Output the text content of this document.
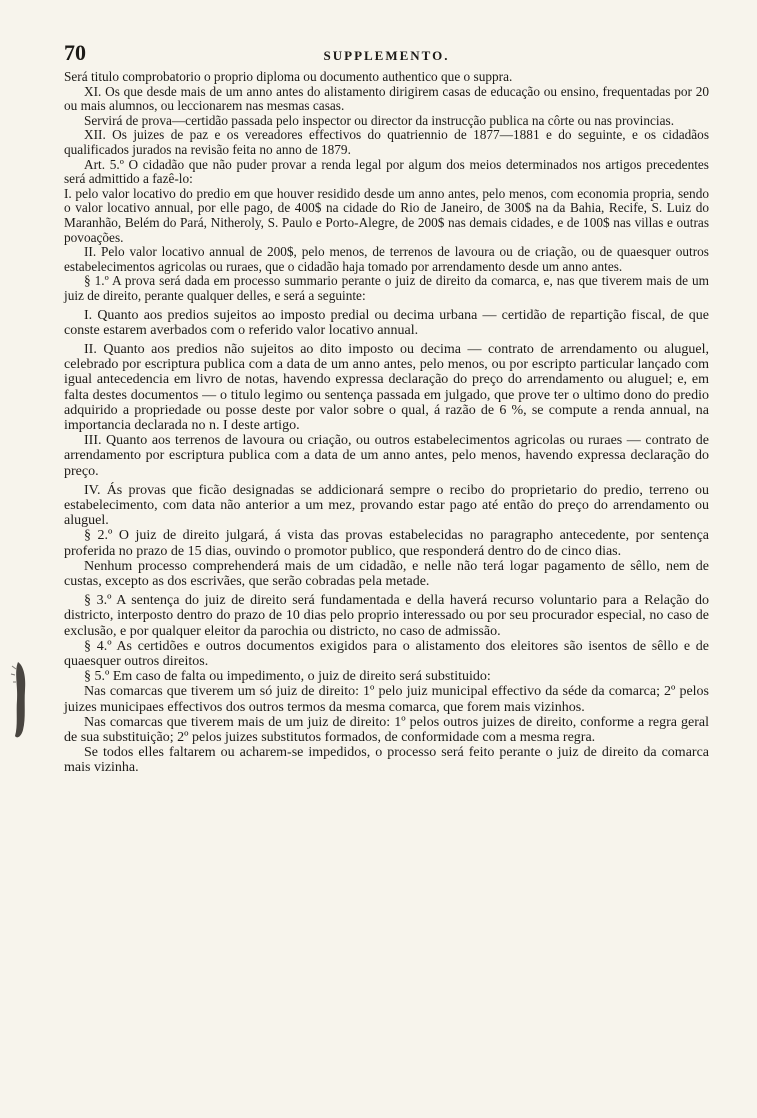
70	SUPPLEMENTO.

Será titulo comprobatorio o proprio diploma ou documento authentico que o suppra.

XI. Os que desde mais de um anno antes do alistamento dirigirem casas de educação ou ensino, frequentadas por 20 ou mais alumnos, ou leccionarem nas mesmas casas.

Servirá de prova—certidão passada pelo inspector ou director da instrucção publica na côrte ou nas provincias.

XII. Os juizes de paz e os vereadores effectivos do quatriennio de 1877—1881 e do seguinte, e os cidadãos qualificados jurados na revisão feita no anno de 1879.

Art. 5.º O cidadão que não puder provar a renda legal por algum dos meios determinados nos artigos precedentes será admittido a fazê-lo:

I. pelo valor locativo do predio em que houver residido desde um anno antes, pelo menos, com economia propria, sendo o valor locativo annual, por elle pago, de 400$ na cidade do Rio de Janeiro, de 300$ na da Bahia, Recife, S. Luiz do Maranhão, Belém do Pará, Nitheroly, S. Paulo e Porto-Alegre, de 200$ nas demais cidades, e de 100$ nas villas e outras povoações.

II. Pelo valor locativo annual de 200$, pelo menos, de terrenos de lavoura ou de criação, ou de quaesquer outros estabelecimentos agricolas ou ruraes, que o cidadão haja tomado por arrendamento desde um anno antes.

§ 1.º A prova será dada em processo summario perante o juiz de direito da comarca, e, nas que tiverem mais de um juiz de direito, perante qualquer delles, e será a seguinte:

I. Quanto aos predios sujeitos ao imposto predial ou decima urbana — certidão de repartição fiscal, de que conste estarem averbados com o referido valor locativo annual.

II. Quanto aos predios não sujeitos ao dito imposto ou decima — contrato de arrendamento ou aluguel, celebrado por escriptura publica com a data de um anno antes, pelo menos, ou por escripto particular lançado com igual antecedencia em livro de notas, havendo expressa declaração do preço do arrendamento ou aluguel; e, em falta destes documentos — o titulo legimo ou sentença passada em julgado, que prove ter o ultimo dono do predio adquirido a propriedade ou posse deste por valor sobre o qual, á razão de 6 %, se compute a renda annual, na importancia declarada no n. I deste artigo.

III. Quanto aos terrenos de lavoura ou criação, ou outros estabelecimentos agricolas ou ruraes — contrato de arrendamento por escriptura publica com a data de um anno antes, pelo menos, havendo expressa declaração do preço.

IV. Ás provas que ficão designadas se addicionará sempre o recibo do proprietario do predio, terreno ou estabelecimento, com data não anterior a um mez, provando estar pago até então do preço do arrendamento ou aluguel.

§ 2.º O juiz de direito julgará, á vista das provas estabelecidas no paragrapho antecedente, por sentença proferida no prazo de 15 dias, ouvindo o promotor publico, que responderá dentro do de cinco dias.

Nenhum processo comprehenderá mais de um cidadão, e nelle não terá logar pagamento de sêllo, nem de custas, excepto as dos escrivães, que serão cobradas pela metade.

§ 3.º A sentença do juiz de direito será fundamentada e della haverá recurso voluntario para a Relação do districto, interposto dentro do prazo de 10 dias pelo proprio interessado ou por seu procurador especial, no caso de exclusão, e por qualquer eleitor da parochia ou districto, no caso de admissão.

§ 4.º As certidões e outros documentos exigidos para o alistamento dos eleitores são isentos de sêllo e de quaesquer outros direitos.

§ 5.º Em caso de falta ou impedimento, o juiz de direito será substituido:

Nas comarcas que tiverem um só juiz de direito: 1º pelo juiz municipal effectivo da séde da comarca; 2º pelos juizes municipaes effectivos dos outros termos da mesma comarca, que forem mais vizinhos.

Nas comarcas que tiverem mais de um juiz de direito: 1º pelos outros juizes de direito, conforme a regra geral de sua substituição; 2º pelos juizes substitutos formados, de conformidade com a mesma regra.

Se todos elles faltarem ou acharem-se impedidos, o processo será feito perante o juiz de direito da comarca mais vizinha.
